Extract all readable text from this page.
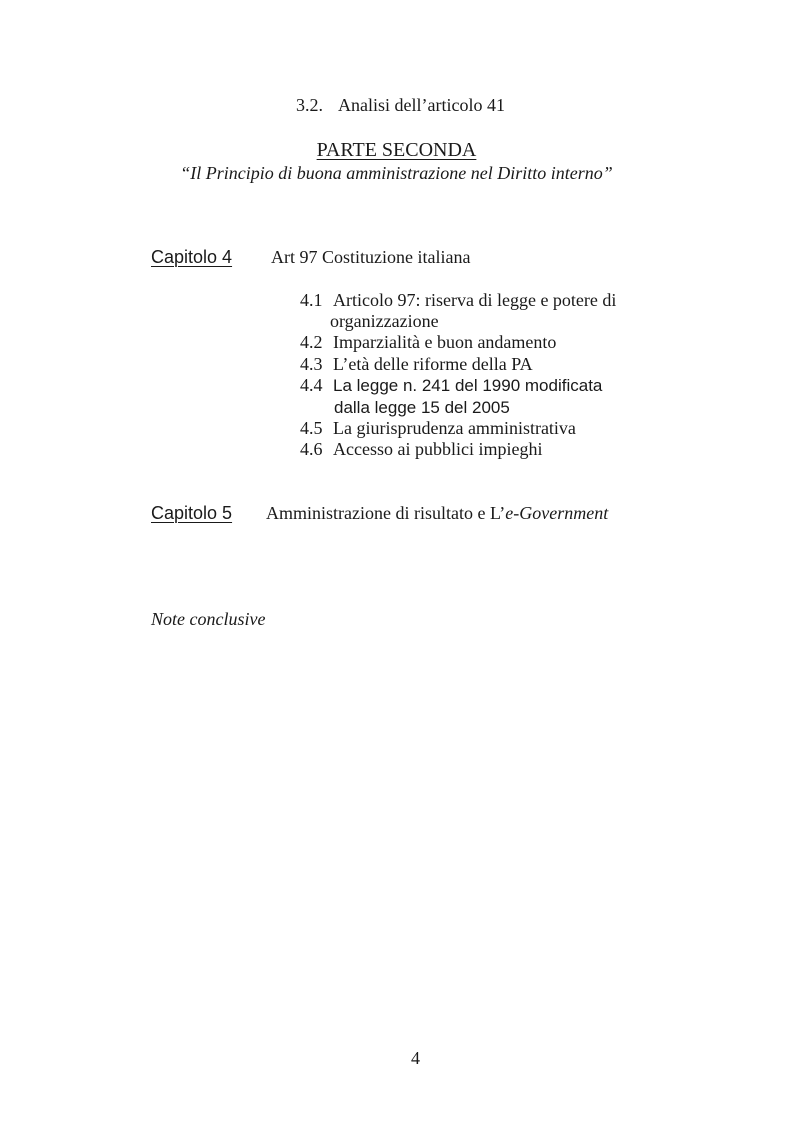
3.2. Analisi dell’articolo 41
PARTE SECONDA
“Il Principio di buona amministrazione nel Diritto interno”
Capitolo 4 Art 97 Costituzione italiana
4.1 Articolo 97: riserva di legge e potere di
organizzazione
4.2 Imparzialità e buon andamento
4.3 L’età delle riforme della PA
4.4 La legge n. 241 del 1990 modificata
dalla legge 15 del 2005
4.5 La giurisprudenza amministrativa
4.6 Accesso ai pubblici impieghi
Capitolo 5 Amministrazione di risultato e L’e-Government
Note conclusive
4
